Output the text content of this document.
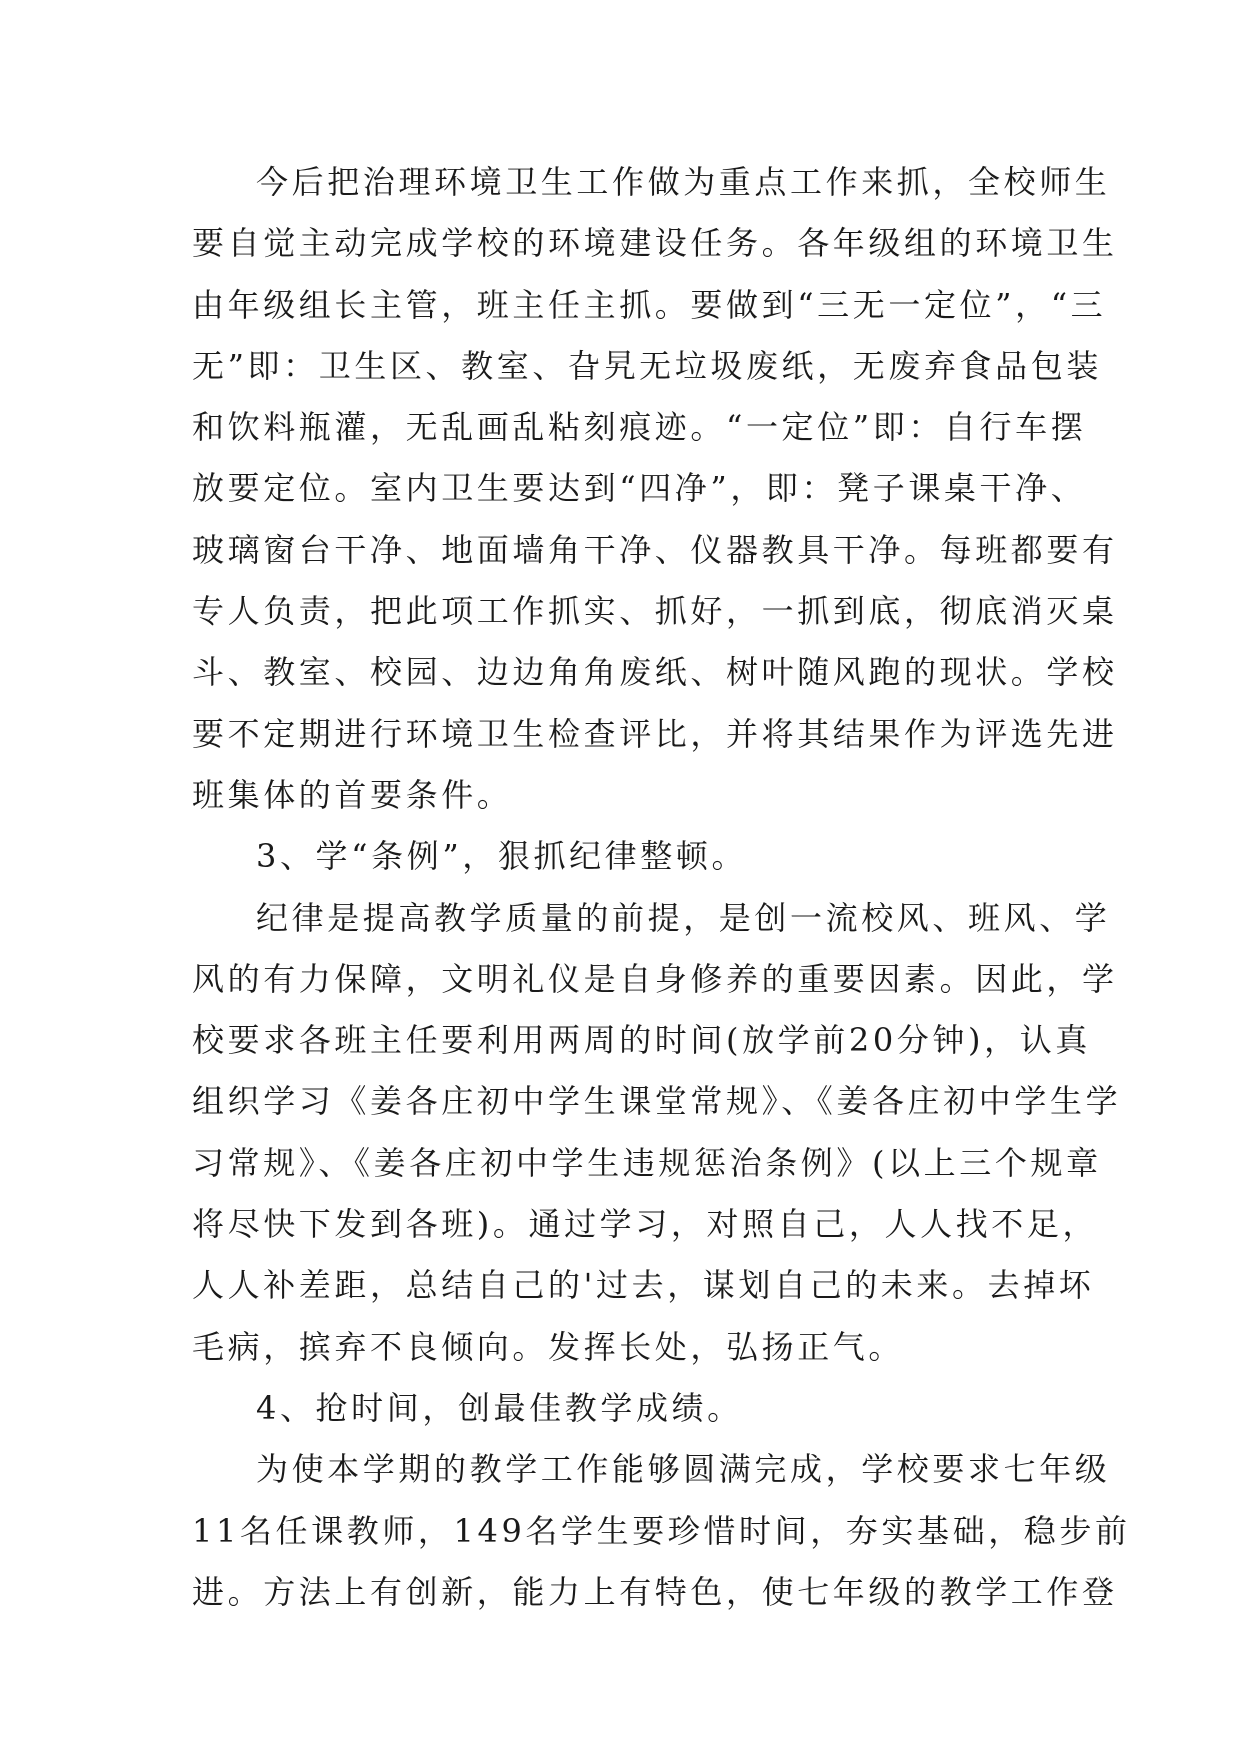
今后把治理环境卫生工作做为重点工作来抓，全校师生
要自觉主动完成学校的环境建设任务。各年级组的环境卫生
由年级组长主管，班主任主抓。要做到“三无一定位”，“三
无”即：卫生区、教室、旮旯无垃圾废纸，无废弃食品包装
和饮料瓶灌，无乱画乱粘刻痕迹。“一定位”即：自行车摆
放要定位。室内卫生要达到“四净”，即：凳子课桌干净、
玻璃窗台干净、地面墙角干净、仪器教具干净。每班都要有
专人负责，把此项工作抓实、抓好，一抓到底，彻底消灭桌
斗、教室、校园、边边角角废纸、树叶随风跑的现状。学校
要不定期进行环境卫生检查评比，并将其结果作为评选先进
班集体的首要条件。
3、学“条例”，狠抓纪律整顿。
纪律是提高教学质量的前提，是创一流校风、班风、学
风的有力保障，文明礼仪是自身修养的重要因素。因此，学
校要求各班主任要利用两周的时间(放学前20分钟)，认真
组织学习《姜各庄初中学生课堂常规》、《姜各庄初中学生学
习常规》、《姜各庄初中学生违规惩治条例》(以上三个规章
将尽快下发到各班)。通过学习，对照自己，人人找不足，
人人补差距，总结自己的'过去，谋划自己的未来。去掉坏
毛病，摈弃不良倾向。发挥长处，弘扬正气。
4、抢时间，创最佳教学成绩。
为使本学期的教学工作能够圆满完成，学校要求七年级
11名任课教师，149名学生要珍惜时间，夯实基础，稳步前
进。方法上有创新，能力上有特色，使七年级的教学工作登
